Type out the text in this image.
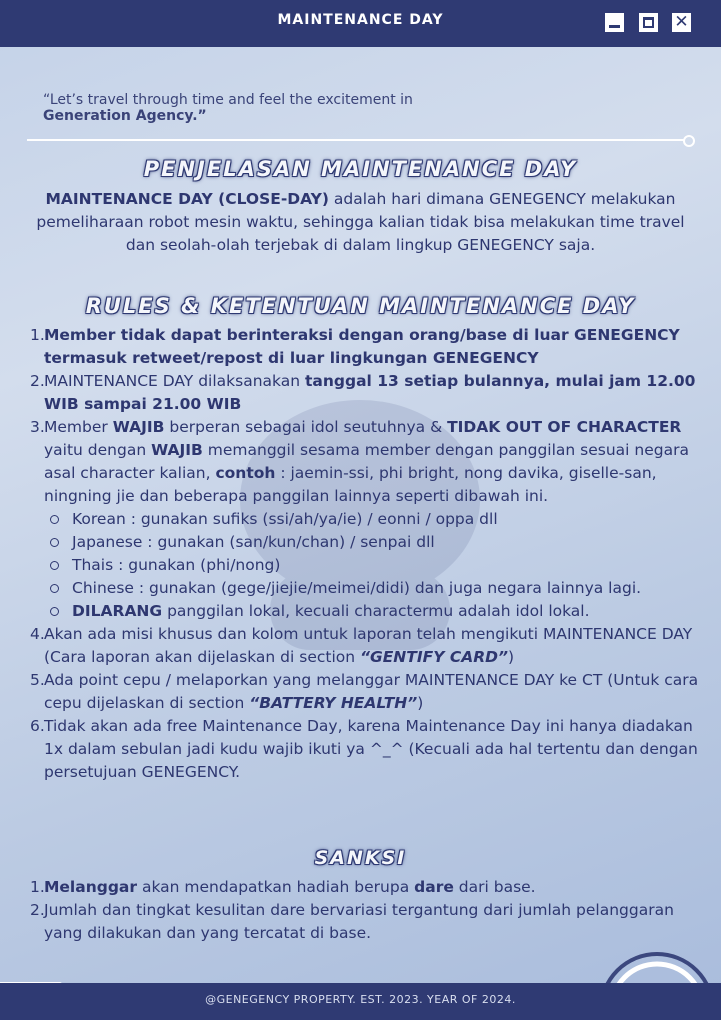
MAINTENANCE DAY	✕
“Let’s travel through time and feel the excitement in Generation Agency.”
PENJELASAN MAINTENANCE DAY
MAINTENANCE DAY (CLOSE-DAY) adalah hari dimana GENEGENCY melakukan pemeliharaan robot mesin waktu, sehingga kalian tidak bisa melakukan time travel dan seolah-olah terjebak di dalam lingkup GENEGENCY saja.
RULES & KETENTUAN MAINTENANCE DAY
1. Member tidak dapat berinteraksi dengan orang/base di luar GENEGENCY termasuk retweet/repost di luar lingkungan GENEGENCY
2. MAINTENANCE DAY dilaksanakan tanggal 13 setiap bulannya, mulai jam 12.00 WIB sampai 21.00 WIB
3. Member WAJIB berperan sebagai idol seutuhnya & TIDAK OUT OF CHARACTER yaitu dengan WAJIB memanggil sesama member dengan panggilan sesuai negara asal character kalian, contoh : jaemin-ssi, phi bright, nong davika, giselle-san, ningning jie dan beberapa panggilan lainnya seperti dibawah ini.
Korean : gunakan sufiks (ssi/ah/ya/ie) / eonni / oppa dll
Japanese : gunakan (san/kun/chan) / senpai dll
Thais : gunakan (phi/nong)
Chinese : gunakan (gege/jiejie/meimei/didi) dan juga negara lainnya lagi.
DILARANG panggilan lokal, kecuali charactermu adalah idol lokal.
4. Akan ada misi khusus dan kolom untuk laporan telah mengikuti MAINTENANCE DAY (Cara laporan akan dijelaskan di section “GENTIFY CARD”)
5. Ada point cepu / melaporkan yang melanggar MAINTENANCE DAY ke CT (Untuk cara cepu dijelaskan di section “BATTERY HEALTH”)
6. Tidak akan ada free Maintenance Day, karena Maintenance Day ini hanya diadakan 1x dalam sebulan jadi kudu wajib ikuti ya ^_^ (Kecuali ada hal tertentu dan dengan persetujuan GENEGENCY.
SANKSI
1. Melanggar akan mendapatkan hadiah berupa dare dari base.
2. Jumlah dan tingkat kesulitan dare bervariasi tergantung dari jumlah pelanggaran yang dilakukan dan yang tercatat di base.
@GENEGENCY PROPERTY. EST. 2023. YEAR OF 2024.
